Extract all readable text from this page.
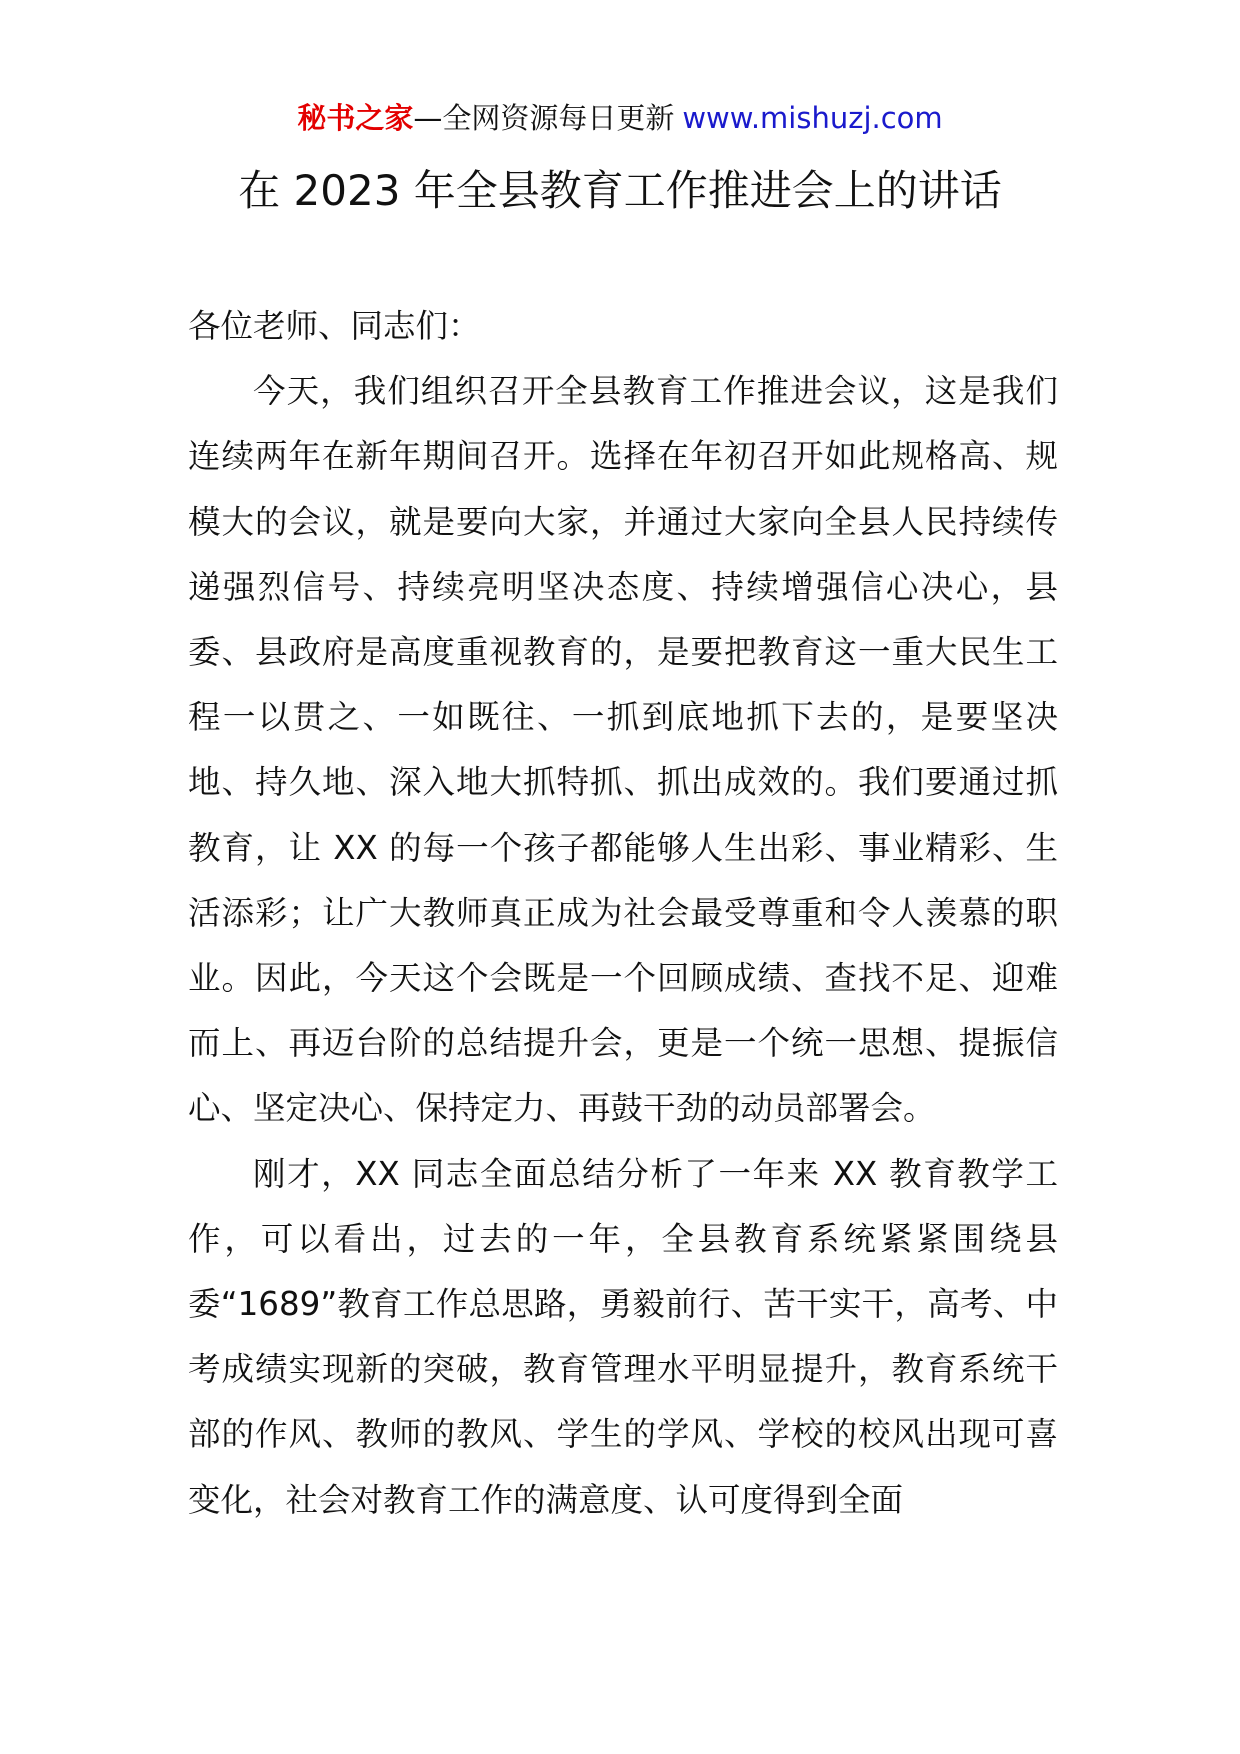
秘书之家—全网资源每日更新 www.mishuzj.com
在 2023 年全县教育工作推进会上的讲话

各位老师、同志们：

今天，我们组织召开全县教育工作推进会议，这是我们连续两年在新年期间召开。选择在年初召开如此规格高、规模大的会议，就是要向大家，并通过大家向全县人民持续传递强烈信号、持续亮明坚决态度、持续增强信心决心，县委、县政府是高度重视教育的，是要把教育这一重大民生工程一以贯之、一如既往、一抓到底地抓下去的，是要坚决地、持久地、深入地大抓特抓、抓出成效的。我们要通过抓教育，让 XX 的每一个孩子都能够人生出彩、事业精彩、生活添彩；让广大教师真正成为社会最受尊重和令人羡慕的职业。因此，今天这个会既是一个回顾成绩、查找不足、迎难而上、再迈台阶的总结提升会，更是一个统一思想、提振信心、坚定决心、保持定力、再鼓干劲的动员部署会。

刚才，XX 同志全面总结分析了一年来 XX 教育教学工作，可以看出，过去的一年，全县教育系统紧紧围绕县委“1689”教育工作总思路，勇毅前行、苦干实干，高考、中考成绩实现新的突破，教育管理水平明显提升，教育系统干部的作风、教师的教风、学生的学风、学校的校风出现可喜变化，社会对教育工作的满意度、认可度得到全面
